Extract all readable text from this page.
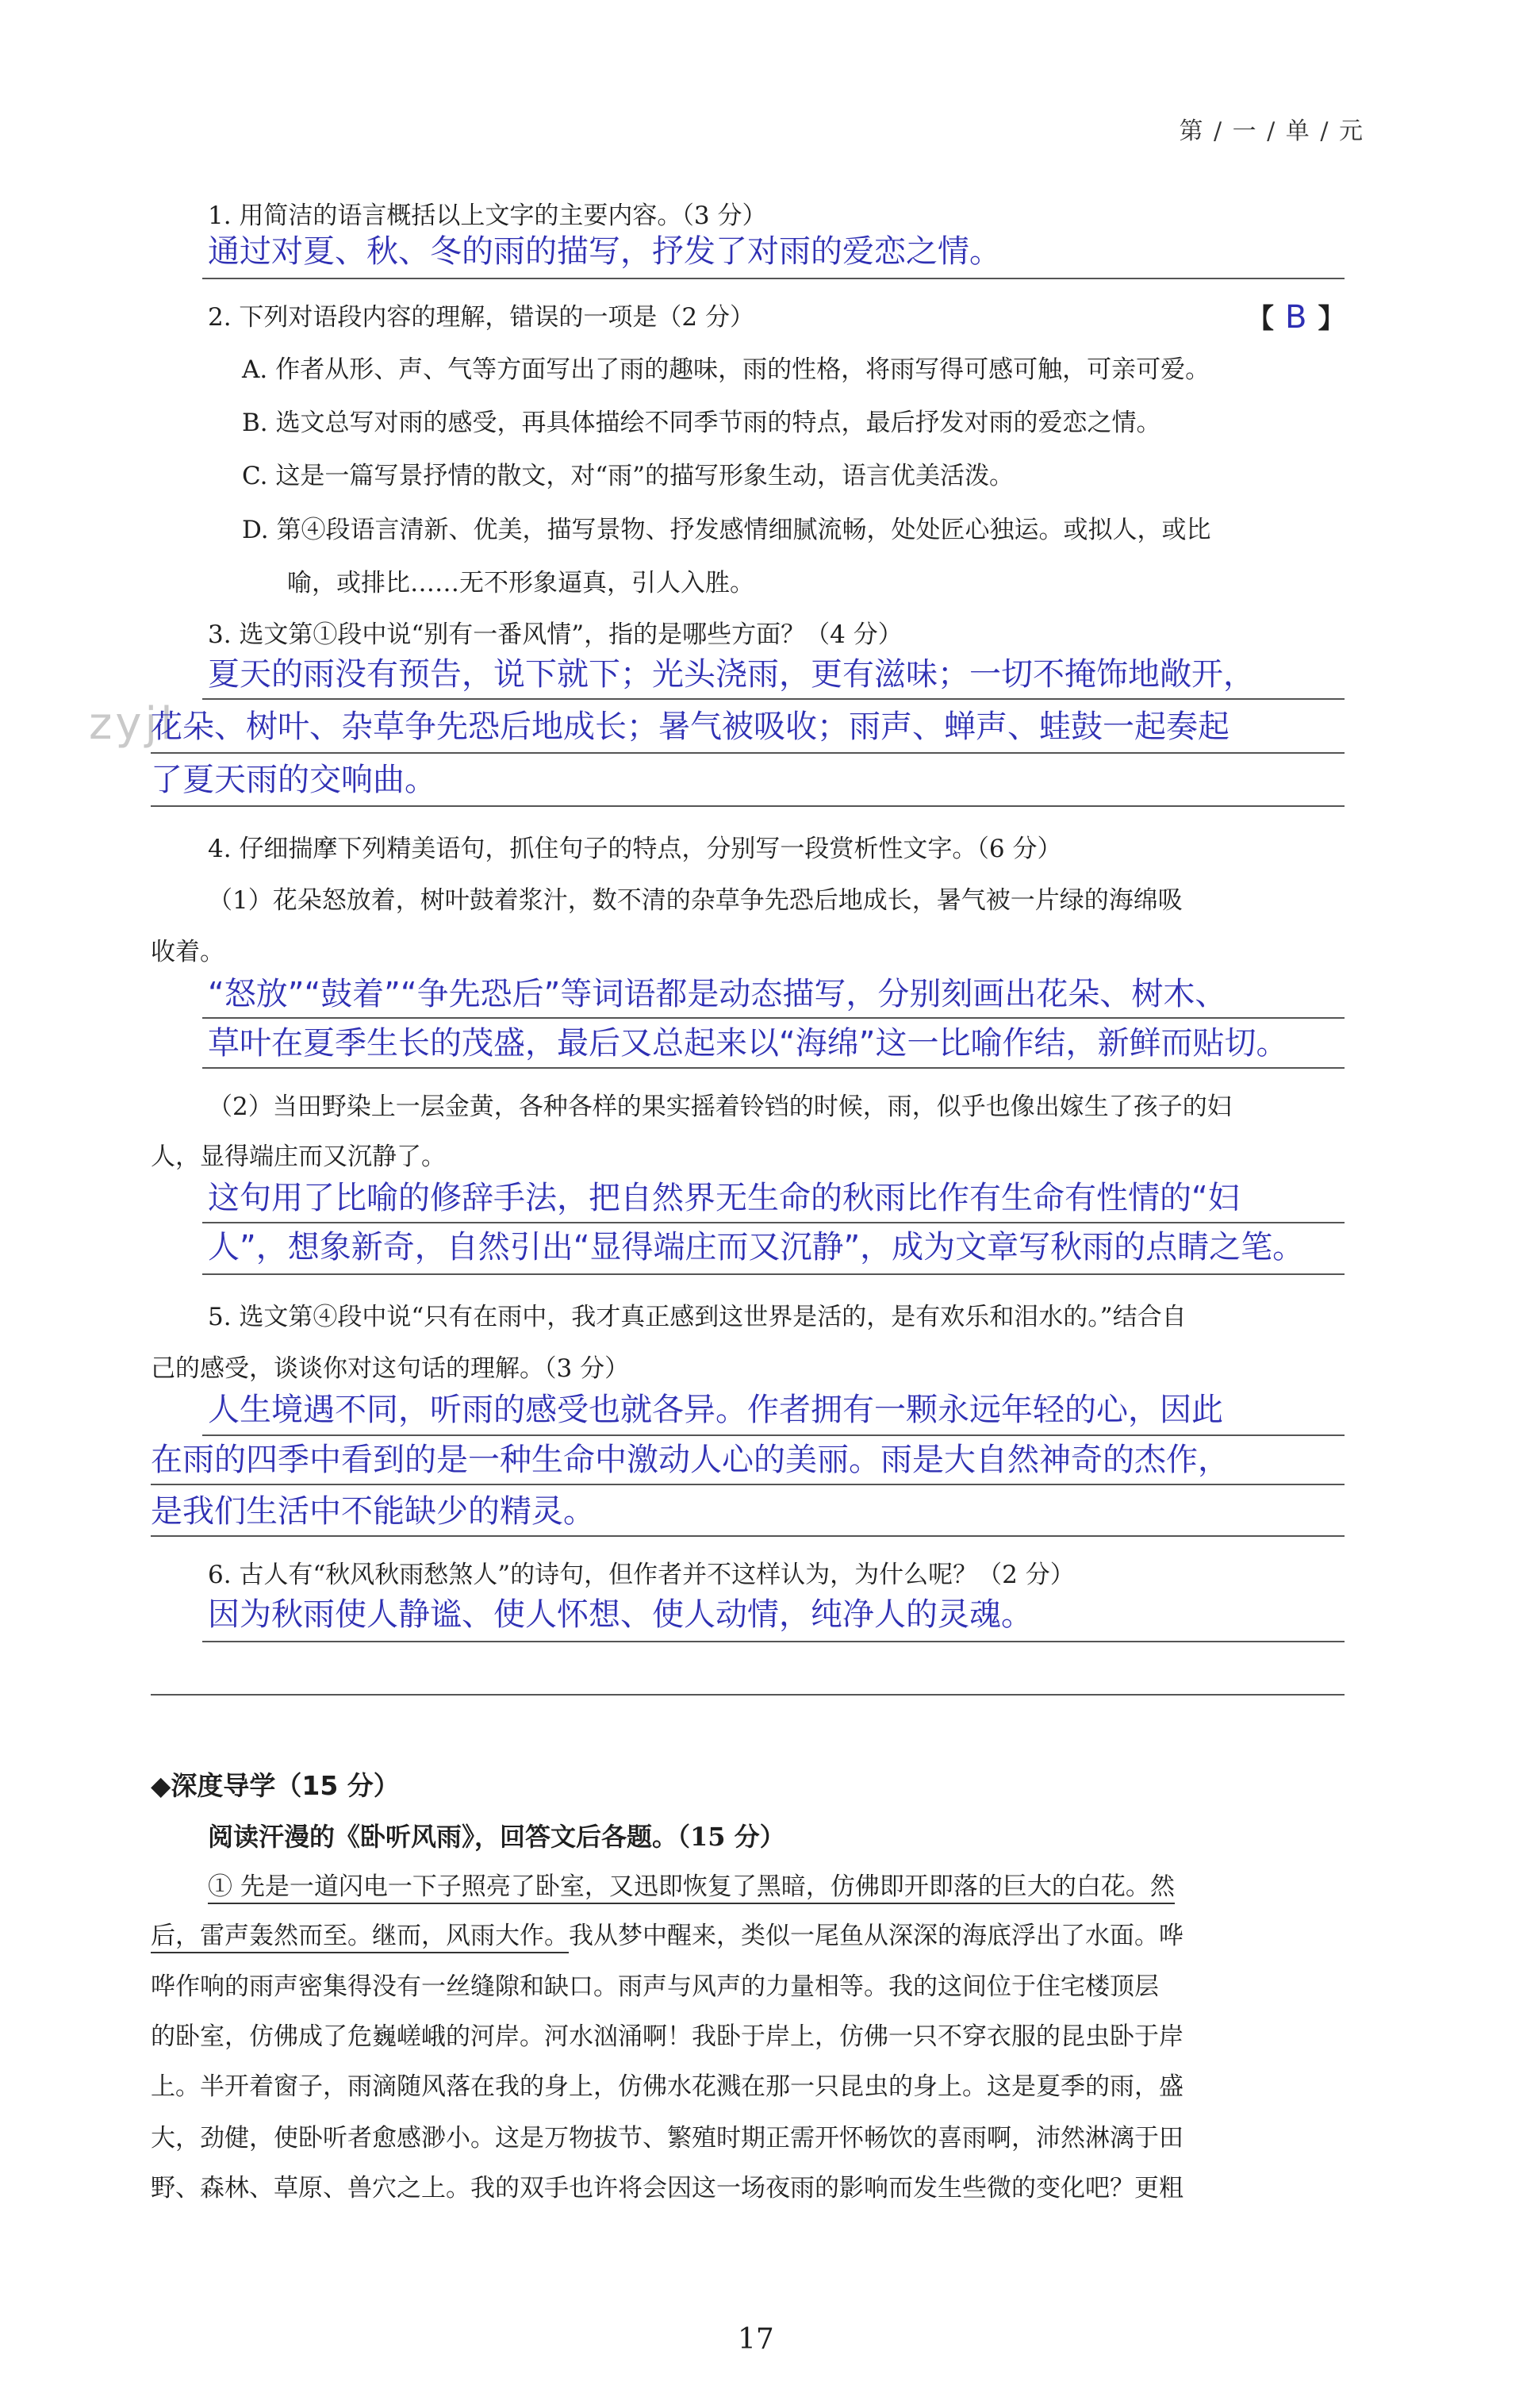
第 / 一 / 单 / 元
zyjl
1. 用简洁的语言概括以上文字的主要内容。（3 分）
通过对夏、秋、冬的雨的描写，抒发了对雨的爱恋之情。
2. 下列对语段内容的理解，错误的一项是（2 分）	【 B 】
A. 作者从形、声、气等方面写出了雨的趣味，雨的性格，将雨写得可感可触，可亲可爱。
B. 选文总写对雨的感受，再具体描绘不同季节雨的特点，最后抒发对雨的爱恋之情。
C. 这是一篇写景抒情的散文，对“雨”的描写形象生动，语言优美活泼。
D. 第④段语言清新、优美，描写景物、抒发感情细腻流畅，处处匠心独运。或拟人，或比
喻，或排比……无不形象逼真，引人入胜。
3. 选文第①段中说“别有一番风情”，指的是哪些方面？（4 分）
夏天的雨没有预告，说下就下；光头浇雨，更有滋味；一切不掩饰地敞开，
花朵、树叶、杂草争先恐后地成长；暑气被吸收；雨声、蝉声、蛙鼓一起奏起
了夏天雨的交响曲。
4. 仔细揣摩下列精美语句，抓住句子的特点，分别写一段赏析性文字。（6 分）
（1）花朵怒放着，树叶鼓着浆汁，数不清的杂草争先恐后地成长，暑气被一片绿的海绵吸
收着。
“怒放”“鼓着”“争先恐后”等词语都是动态描写，分别刻画出花朵、树木、
草叶在夏季生长的茂盛，最后又总起来以“海绵”这一比喻作结，新鲜而贴切。
（2）当田野染上一层金黄，各种各样的果实摇着铃铛的时候，雨，似乎也像出嫁生了孩子的妇
人，显得端庄而又沉静了。
这句用了比喻的修辞手法，把自然界无生命的秋雨比作有生命有性情的“妇
人”，想象新奇，自然引出“显得端庄而又沉静”，成为文章写秋雨的点睛之笔。
5. 选文第④段中说“只有在雨中，我才真正感到这世界是活的，是有欢乐和泪水的。”结合自
己的感受，谈谈你对这句话的理解。（3 分）
人生境遇不同，听雨的感受也就各异。作者拥有一颗永远年轻的心，因此
在雨的四季中看到的是一种生命中激动人心的美丽。雨是大自然神奇的杰作，
是我们生活中不能缺少的精灵。
6. 古人有“秋风秋雨愁煞人”的诗句，但作者并不这样认为，为什么呢？（2 分）
因为秋雨使人静谧、使人怀想、使人动情，纯净人的灵魂。
◆深度导学（15 分）
阅读汗漫的《卧听风雨》，回答文后各题。（15 分）
① 先是一道闪电一下子照亮了卧室，又迅即恢复了黑暗，仿佛即开即落的巨大的白花。然
后，雷声轰然而至。继而，风雨大作。我从梦中醒来，类似一尾鱼从深深的海底浮出了水面。哗
哗作响的雨声密集得没有一丝缝隙和缺口。雨声与风声的力量相等。我的这间位于住宅楼顶层
的卧室，仿佛成了危巍嵯峨的河岸。河水汹涌啊！我卧于岸上，仿佛一只不穿衣服的昆虫卧于岸
上。半开着窗子，雨滴随风落在我的身上，仿佛水花溅在那一只昆虫的身上。这是夏季的雨，盛
大，劲健，使卧听者愈感渺小。这是万物拔节、繁殖时期正需开怀畅饮的喜雨啊，沛然淋漓于田
野、森林、草原、兽穴之上。我的双手也许将会因这一场夜雨的影响而发生些微的变化吧？更粗
17
